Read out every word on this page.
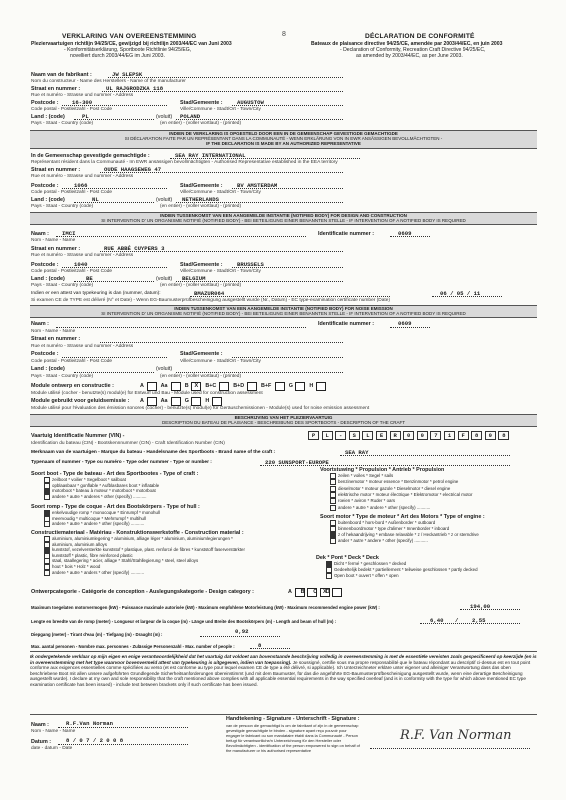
VERKLARING VAN OVEREENSTEMMING
Pleziervaartuigen richtlijn 94/25/CE, gewijzigd bij richtlijn 2003/44/EC van Juni 2003
- Konformitätserklärung, Sportboote Richtlinie 94/25/EG,
novelliert durch 2003/44/EG im Juni 2003.
8	DÉCLARATION DE CONFORMITÉ
Bateaux de plaisance directive 94/25/CE, amendée par 2003/44/EC, en juin 2003
- Declaration of Conformity, Recreation Craft Directive 94/25/EC,
as amended by 2003/44/EC, as per June 2003.
Naam van de fabrikant :	JW SLEPSK
Nom du constructeur - Name des Herstellers - Name of the manufacturer
Straat en nummer :	UL RAJGRODZKA 118
Rue et numéro - Strasse und nummer - Address
Postcode : 16-300	Stad/Gemeente :	AUGUSTOW
Code postal - Postleitzahl - Post Code	Ville/Commune - Stadt/Ort - Town/City
Land : (code)	PL	(voluit) POLAND
Pays - Staat - Country (code)	(en entier) - (voller wortlaut) - (printed)
INDIEN DE VERKLARING IS OPGESTELD DOOR EEN IN DE GEMEENSCHAP GEVESTIGDE GEMACHTIGDE
SI DÉCLARATION FAITE PAR UN REPRÉSENTANT DANS LA COMMUNAUTÉ - WENN ERKLÄRUNG VON IN EWR ANSÄSSIGEN BEVOLLMÄCHTIGTEN -
IF THE DECLARATION IS MADE BY AN AUTHORIZED REPRESENTATIVE
In de Gemeenschap gevestigde gemachtigde :	SEA RAY INTERNATIONAL
Représentant résident dans la Communauté - Im EWR ansässigen bevollmächtigten - Authorised Representative established in the EEA territory
Straat en nummer :	OUDE HAAGSEWEG 47
Rue et numéro - Strasse und nummer - Address
Postcode :	1066	Stad/Gemeente :	BV AMSTERDAM
Code postal - Postleitzahl - Post Code	Ville/Commune - Stadt/Ort - Town/City
Land : (code)	NL	(voluit) NETHERLANDS
Pays - Staat - Country (code)	(en entier) - (voller wortlaut) - (printed)
INDIEN TUSSENKOMST VAN EEN AANGEMELDE INSTANTIE (NOTIFIED BODY) FOR DESIGN AND CONSTRUCTION
SI INTERVENTION D' UN ORGANISME NOTIFIÉ (NOTIFIED BODY) - BEI BETEILIGUNG EINER BENANNTEN STELLE - IF INTERVENTION OF A NOTIFIED BODY IS REQUIRED
Naam : IMCI	Identificatie nummer :	0609
Nom - Name - Name
Straat en nummer :	RUE ABBÉ CUYPERS 3
Rue et numéro - Strasse und nummer - Address
Postcode :	1040	Stad/Gemeente :	BRUSSELS
Code postal - Postleitzahl - Post Code	Ville/Commune - Stadt/Ort - Town/City
Land : (code)	BE	(voluit) BELGIUM
Pays - Staat - Country (code)	(en entier) - (voller wortlaut) - (printed)
Indien er een attest van typekeuring is dan (nummer, datum):	BMAZUR064	06 / 05 / 11
Si examen CE de TYPE est délivré (N° et Date) - Wenn EG-Baumusterprüfbescheinigung ausgestellt wurde (Nr., Datum) - EC type-examination certificate number (Date)
INDIEN TUSSENKOMST VAN EEN AANGEMELDE INSTANTIE (NOTIFIED BODY) FOR NOISE EMISSION
SI INTERVENTION D' UN ORGANISME NOTIFIÉ (NOTIFIED BODY) - BEI BETEILIGUNG EINER BENANNTEN STELLE - IF INTERVENTION OF A NOTIFIED BODY IS REQUIRED
Naam :	Identificatie nummer :	0609
Nom - Name - Name
Straat en nummer :
Rue et numéro - Strasse und nummer - Address
Postcode :	Stad/Gemeente :
Code postal - Postleitzahl - Post Code	Ville/Commune - Stadt/Ort - Town/City
Land : (code)	(voluit)
Pays - Staat - Country (code)	(en entier) - (voller wortlaut) - (printed)
Module ontwerp en constructie :	A	Aa	B	X	B+C	B+D	B+F	G	H
Module utilisé (cocher - benutzte(s) modul(e) für Entwurf und Bau - Module used for construction assessment
Module gebruikt voor geluidsemissie : A	Aa	G	H
Module utilisé pour l'évaluation des émission sonores (cocher) - benutzte(s) modul(e) für Geräuschemissionen - Module(s) used for noise emission assessment
BESCHRIJVING VAN HET PLEZIERVAARTUIG
DESCRIPTION DU BATEAU DE PLAISANCE - BESCHREIBUNG DES SPORTBOOTS - DESCRIPTION OF THE CRAFT
Vaartuig Identificatie Nummer (VIN) -	P	L	-	S	L	E	R	0	0	7	1	F	8	0	8
Identification du bateau (CIN) - Bootskennnummer (CIN) - Craft Identification Number (CIN)
Merknaam van de vaartuigen - Marque du bateau - Handelsname des Sportboots - Brand name of the craft :	SEA RAY
Typenaam of nummer - Type ou numéro - Type oder nummer - Type or number :	220 SUNSPORT-EUROPE
Soort boot - Type de bateau - Art des Sportbootes - Type of craft :
zeilboot * voilier * Segelboot * sailboat
opblaasbaar * gonflable * Aufblasbares boot * inflatable
motorboot * bateau à moteur * motorboot * motorboat
andere * autre * anderes * other (specify) ...........
Voortstuwing * Propulsion * Antrieb * Propulsion
zeilen * voiles * Segel * sails
benzinemotor * moteur essence * Benzinmotor * petrol engine
dieselmotor * moteur gazole * Dieselmotor * diesel engine
elektrische motor * moteur électrique * Elektromotor * electrical motor
roeien * aviron * Ruder * oars
andere * autre * andere * other (specify) ...........
Soort romp - Type de coque - Art des Bootskörpers - Type of hull :
enkelvoudige romp * monocoque * Einrumpf * monohull
meervoudig * multicoque * Mehrrumpf * multihull
andere * autre * andere * other (specify) ...........
Soort motor * Type de moteur * Art des Motors * Type of engine :
buitenboord * hors-bord * Außenborder * outboard
binnenboordmotor * type d'alimer * Innenborder * inboard
z of hekaandrijving * embase relavable * z / Heckantrieb * z or sterndrive
ander * autre * andere * other (specify) ...........
Constructiemateriaal - Matériau - Konstruktionswerkstoffe - Construction material :
aluminium, aluminiumlegering * aluminium, alliage léger * aluminium, aluminiumlegierungen *
aluminium, aluminium alloys
kunststof, vezelversterkte kunststof * plastique, plast. renforcé de fibres * kunststoff faserverstärkter
kunststoff * plastic, fibre reinforced plastic
staal, staallegering * acier, alliage * Stahl/Stahllegierung * steel, steel alloys
hout * bois * Holz * wood
andere * autre * anders * other (specify) ...........
Dek * Pont * Deck * Deck
Dicht * fermé * geschlossen * decked
Gedeeltelijk bedekt * partiellement * teilweise geschlossen * partly decked
Open boot * ouvert * offen * open
Ontwerpcategorie - Catégorie de conception - Auslegungskategorie - Design category :	A B C	X D
Maximum toegelaten motorvermogen (kW) - Puissance maximale autorisée (kW) - Maximum empfohlene Motorleistung (kW) - Maximum recommended engine power (kW) :	194,00
Lengte en breedte van de romp (meter) - Longueur et largeur de la coque (m) - Länge und Breite des Bootskörpers (m) - Length and beam of hull (m) :	6,40 / 2,55
Diepgang (meter) - Tirant d'eau (m) - Tiefgang (m) - Draught (m) :	0,92
Max. aantal personen - Nombre max. personnes - Zulässige Personenzahl - Max. number of people :	8
Ik ondergetekende verklaar op mijn eigen en enige verantwoordelijkheid dat het vaartuig dat voldoet aan bovenstaande beschrijving volledig in overeenstemming is met de essentiële vereisten zoals gespecificeerd op keerzijde (en is in overeenstemming met het type waarvoor bovenvermeld attest van typekeuring is uitgegeven, indien van toepassing). Je soussigné, certifie sous ma propre responsabilité que le bateau répondant au descriptif ci-dessus est en tout point conforme aux exigences essentielles comme spécifiées au verso (et est conforme au type pour lequel examen CE de type a été délivré, si applicable). Ich Unterzeichneter erkläre unter eigener und alleiniger Verantwortung dass das oben beschriebene Boot mit allen unsere aufgeführten Grundlegende Sicherheitsanforderungen übereinstimmt (und mit dem Baumuster, für das die angeführte EG-Baumusterprüfbescheinigung ausgestellt wurde, wenn eine derartige Bescheinigung ausgestellt wurde). I declare at my own and sole responsibility that the craft mentioned above complies with all applicable essential requirements in the way specified overleaf (and is in conformity with the type for which above mentioned EC type examination certificate has been issued) - include text between brackets only if such certificate has been issued.
Naam :	R.F.Van Norman
Nom - Name - Name
Datum :	8 / 0 7 / 2 0 0 8
date - datum - Date
Handtekening - Signature - Unterschrift - Signature :
van de persoon die gemachtigd is om de fabrikant of zijn in de gemeenschap gevestigde gemachtigde te binden - signature ayant reçu pouvoir pour engager le fabricant ou son mandataire établi dans la Communauté - Person befugt für verantwortliche/n Unterzeichnung für den Hersteller oder Bevollmächtigten - identification of the person empowered to sign on behalf of the manufacturer or his authorised representative
R.F. Van Norman
